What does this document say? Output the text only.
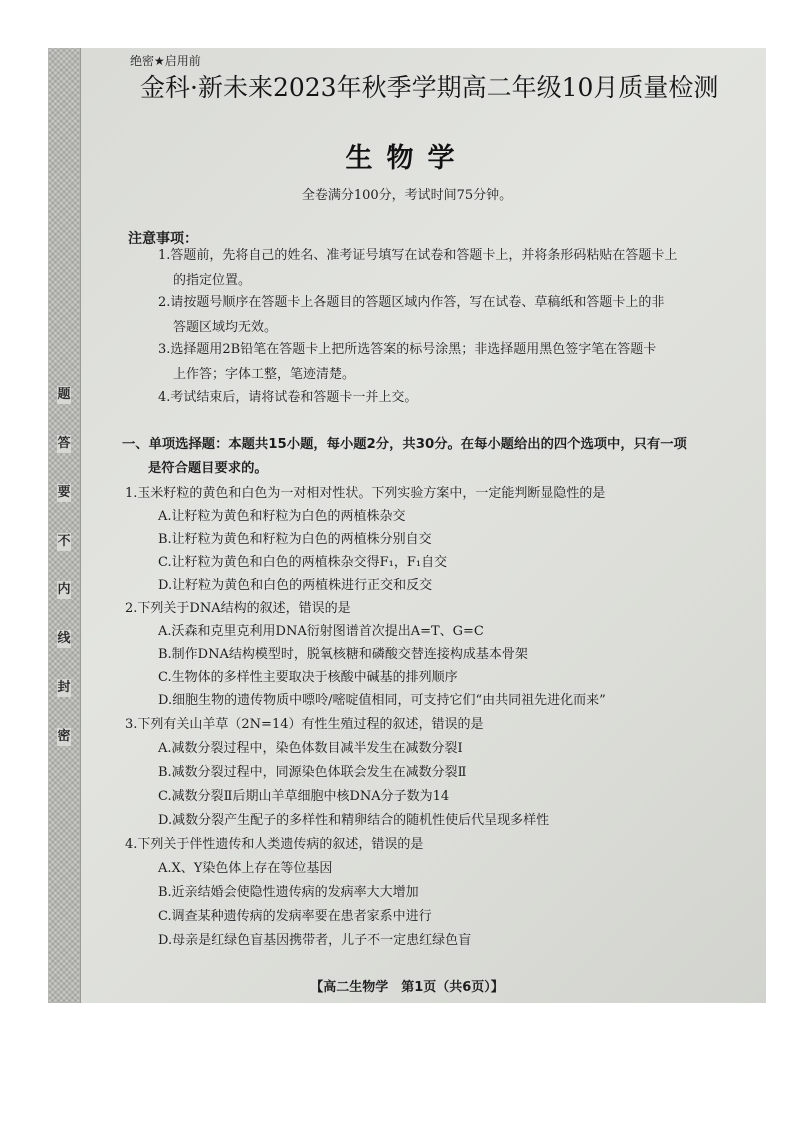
题
答
要
不
内
线
封
密
绝密★启用前
金科·新未来2023年秋季学期高二年级10月质量检测
生物学
全卷满分100分，考试时间75分钟。
注意事项：
1.答题前，先将自己的姓名、准考证号填写在试卷和答题卡上，并将条形码粘贴在答题卡上
的指定位置。
2.请按题号顺序在答题卡上各题目的答题区域内作答，写在试卷、草稿纸和答题卡上的非
答题区域均无效。
3.选择题用2B铅笔在答题卡上把所选答案的标号涂黑；非选择题用黑色签字笔在答题卡
上作答；字体工整，笔迹清楚。
4.考试结束后，请将试卷和答题卡一并上交。
一、单项选择题：本题共15小题，每小题2分，共30分。在每小题给出的四个选项中，只有一项
是符合题目要求的。
1.玉米籽粒的黄色和白色为一对相对性状。下列实验方案中，一定能判断显隐性的是
A.让籽粒为黄色和籽粒为白色的两植株杂交
B.让籽粒为黄色和籽粒为白色的两植株分别自交
C.让籽粒为黄色和白色的两植株杂交得F₁，F₁自交
D.让籽粒为黄色和白色的两植株进行正交和反交
2.下列关于DNA结构的叙述，错误的是
A.沃森和克里克利用DNA衍射图谱首次提出A=T、G=C
B.制作DNA结构模型时，脱氧核糖和磷酸交替连接构成基本骨架
C.生物体的多样性主要取决于核酸中碱基的排列顺序
D.细胞生物的遗传物质中嘌呤/嘧啶值相同，可支持它们“由共同祖先进化而来”
3.下列有关山羊草（2N=14）有性生殖过程的叙述，错误的是
A.减数分裂过程中，染色体数目减半发生在减数分裂Ⅰ
B.减数分裂过程中，同源染色体联会发生在减数分裂Ⅱ
C.减数分裂Ⅱ后期山羊草细胞中核DNA分子数为14
D.减数分裂产生配子的多样性和精卵结合的随机性使后代呈现多样性
4.下列关于伴性遗传和人类遗传病的叙述，错误的是
A.X、Y染色体上存在等位基因
B.近亲结婚会使隐性遗传病的发病率大大增加
C.调查某种遗传病的发病率要在患者家系中进行
D.母亲是红绿色盲基因携带者，儿子不一定患红绿色盲
【高二生物学　第1页（共6页）】
